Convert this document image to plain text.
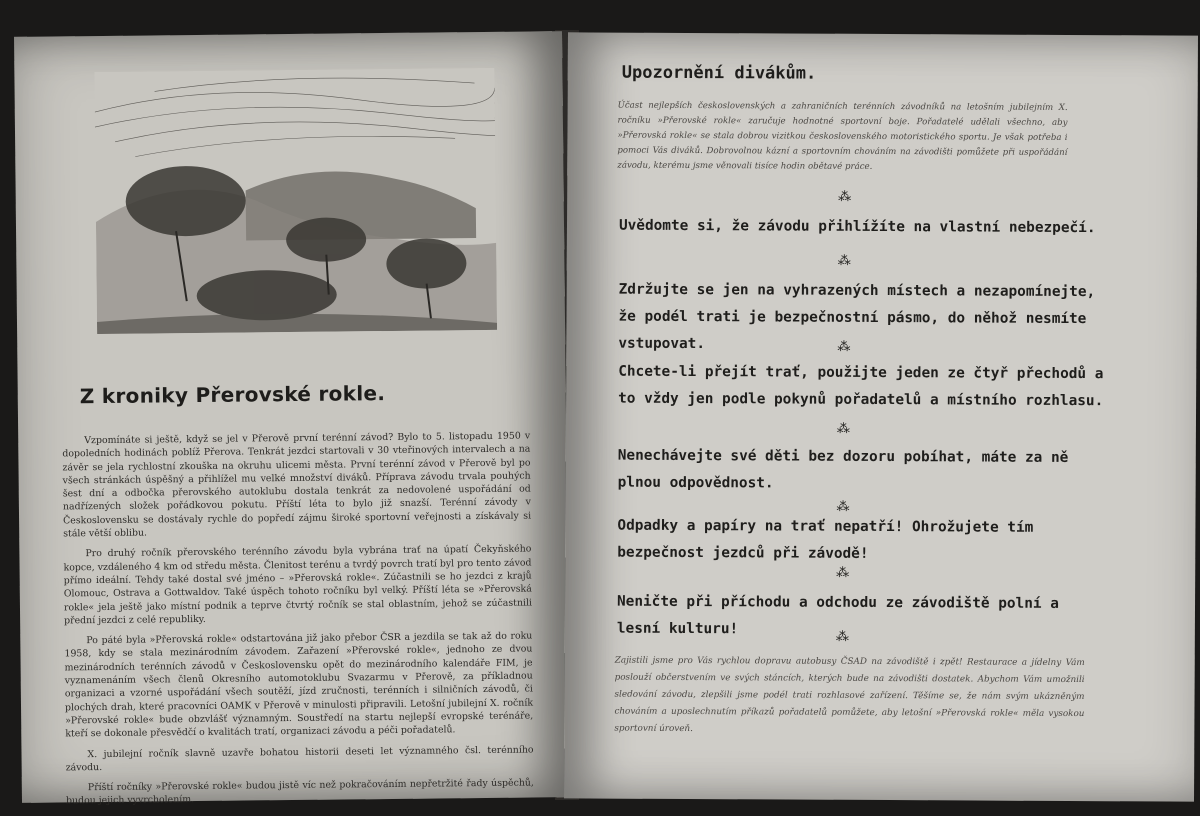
Z kroniky Přerovské rokle.

Vzpomínáte si ještě, když se jel v Přerově první terénní závod? Bylo to 5. listopadu 1950 v dopoledních hodinách poblíž Přerova. Tenkrát jezdci startovali v 30 vteřinových intervalech a na závěr se jela rychlostní zkouška na okruhu ulicemi města. První terénní závod v Přerově byl po všech stránkách úspěšný a přihlížel mu velké množství diváků. Příprava závodu trvala pouhých šest dní a odbočka přerovského autoklubu dostala tenkrát za nedovolené uspořádání od nadřízených složek pořádkovou pokutu. Příští léta to bylo již snazší. Terénní závody v Československu se dostávaly rychle do popředí zájmu široké sportovní veřejnosti a získávaly si stále větší oblibu.

Pro druhý ročník přerovského terénního závodu byla vybrána trať na úpatí Čekyňského kopce, vzdáleného 4 km od středu města. Členitost terénu a tvrdý povrch tratí byl pro tento závod přímo ideální. Tehdy také dostal své jméno – »Přerovská rokle«. Zúčastnili se ho jezdci z krajů Olomouc, Ostrava a Gottwaldov. Také úspěch tohoto ročníku byl velký. Příští léta se »Přerovská rokle« jela ještě jako místní podnik a teprve čtvrtý ročník se stal oblastním, jehož se zúčastnili přední jezdci z celé republiky.

Po páté byla »Přerovská rokle« odstartována již jako přebor ČSR a jezdila se tak až do roku 1958, kdy se stala mezinárodním závodem. Zařazení »Přerovské rokle«, jednoho ze dvou mezinárodních terénních závodů v Československu opět do mezinárodního kalendáře FIM, je vyznamenáním všech členů Okresního automotoklubu Svazarmu v Přerově, za příkladnou organizaci a vzorné uspořádání všech soutěží, jízd zručnosti, terénních i silničních závodů, či plochých drah, které pracovníci OAMK v Přerově v minulosti připravili. Letošní jubilejní X. ročník »Přerovské rokle« bude obzvlášť významným. Soustředí na startu nejlepší evropské terénáře, kteří se dokonale přesvědčí o kvalitách tratí, organizaci závodu a péči pořadatelů.

X. jubilejní ročník slavně uzavře bohatou historii deseti let významného čsl. terénního závodu.

Příští ročníky »Přerovské rokle« budou jistě víc než pokračováním nepřetržité řady úspěchů, budou jejich vyvrcholením.

Upozornění divákům.
Účast nejlepších československých a zahraničních terénních závodníků na letošním jubilejním X. ročníku »Přerovské rokle« zaručuje hodnotné sportovní boje. Pořadatelé udělali všechno, aby »Přerovská rokle« se stala dobrou vizitkou československého motoristického sportu. Je však potřeba i pomoci Vás diváků. Dobrovolnou kázní a sportovním chováním na závodišti pomůžete při uspořádání závodu, kterému jsme věnovali tisíce hodin obětavé práce.
⁂
Uvědomte si, že závodu přihlížíte na vlastní nebezpečí.
⁂
Zdržujte se jen na vyhrazených místech a nezapomínejte, že podél trati je bezpečnostní pásmo, do něhož nesmíte vstupovat.	⁂
Chcete-li přejít trať, použijte jeden ze čtyř přechodů a to vždy jen podle pokynů pořadatelů a místního rozhlasu.
⁂
Nenechávejte své děti bez dozoru pobíhat, máte za ně plnou odpovědnost.
⁂
Odpadky a papíry na trať nepatří! Ohrožujete tím bezpečnost jezdců při závodě!
⁂
Neničte při příchodu a odchodu ze závodiště polní a lesní kulturu!
⁂
Zajistili jsme pro Vás rychlou dopravu autobusy ČSAD na závodiště i zpět! Restaurace a jídelny Vám poslouží občerstvením ve svých stáncích, kterých bude na závodišti dostatek. Abychom Vám umožnili sledování závodu, zlepšili jsme podél trati rozhlasové zařízení. Těšíme se, že nám svým ukázněným chováním a uposlechnutím příkazů pořadatelů pomůžete, aby letošní »Přerovská rokle« měla vysokou sportovní úroveň.
